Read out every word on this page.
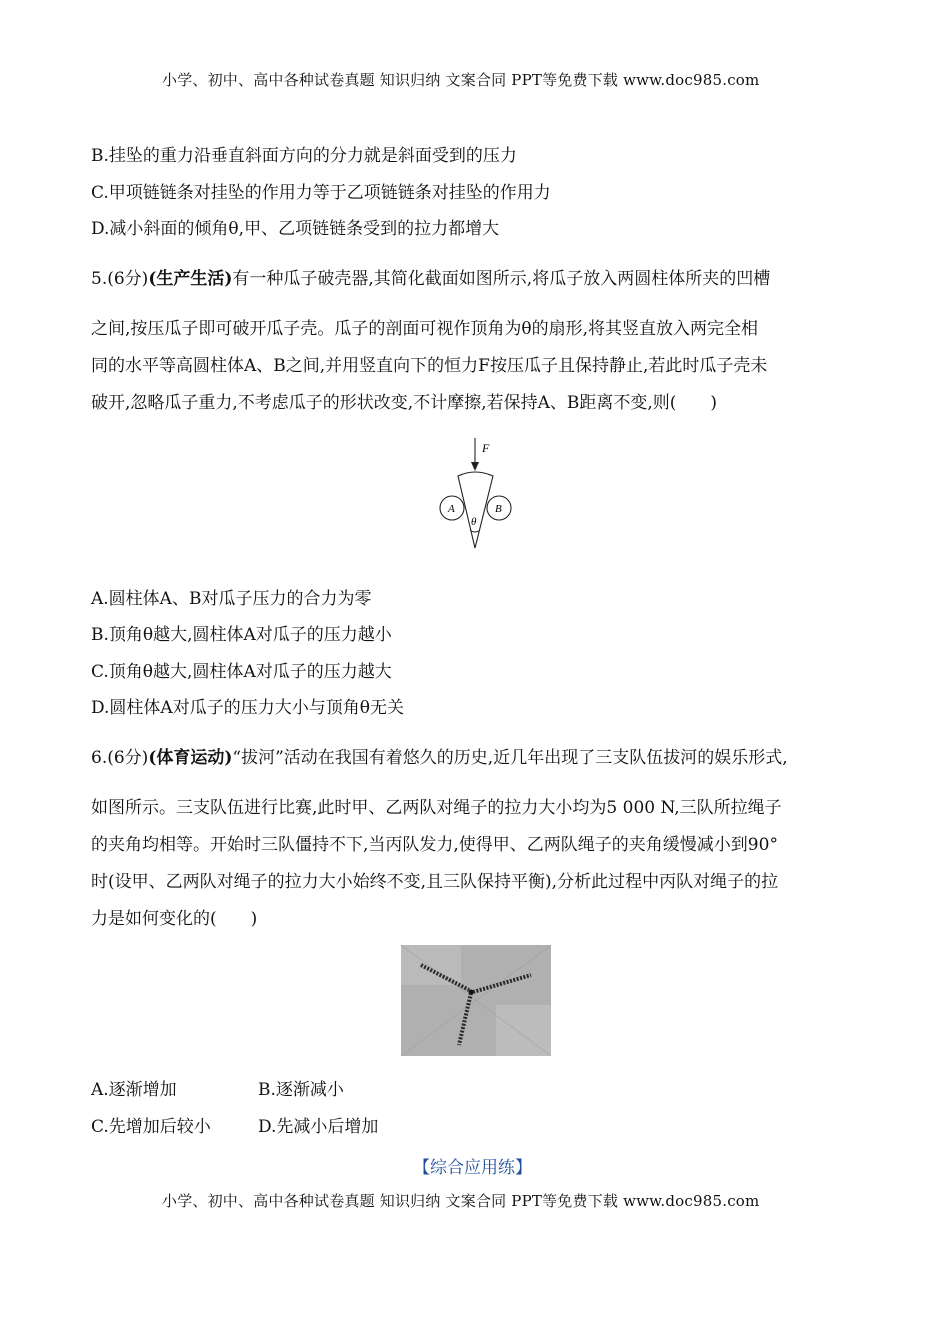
小学、初中、高中各种试卷真题 知识归纳 文案合同 PPT等免费下载 www.doc985.com
B.挂坠的重力沿垂直斜面方向的分力就是斜面受到的压力
C.甲项链链条对挂坠的作用力等于乙项链链条对挂坠的作用力
D.减小斜面的倾角θ,甲、乙项链链条受到的拉力都增大
5.(6分)(生产生活)有一种瓜子破壳器,其简化截面如图所示,将瓜子放入两圆柱体所夹的凹槽
之间,按压瓜子即可破开瓜子壳。瓜子的剖面可视作顶角为θ的扇形,将其竖直放入两完全相
同的水平等高圆柱体A、B之间,并用竖直向下的恒力F按压瓜子且保持静止,若此时瓜子壳未
破开,忽略瓜子重力,不考虑瓜子的形状改变,不计摩擦,若保持A、B距离不变,则(　　)
F
A	B
θ
A.圆柱体A、B对瓜子压力的合力为零
B.顶角θ越大,圆柱体A对瓜子的压力越小
C.顶角θ越大,圆柱体A对瓜子的压力越大
D.圆柱体A对瓜子的压力大小与顶角θ无关
6.(6分)(体育运动)“拔河”活动在我国有着悠久的历史,近几年出现了三支队伍拔河的娱乐形式,
如图所示。三支队伍进行比赛,此时甲、乙两队对绳子的拉力大小均为5 000 N,三队所拉绳子
的夹角均相等。开始时三队僵持不下,当丙队发力,使得甲、乙两队绳子的夹角缓慢减小到90°
时(设甲、乙两队对绳子的拉力大小始终不变,且三队保持平衡),分析此过程中丙队对绳子的拉
力是如何变化的(　　)
A.逐渐增加	B.逐渐减小
C.先增加后较小	D.先减小后增加
【综合应用练】
小学、初中、高中各种试卷真题 知识归纳 文案合同 PPT等免费下载 www.doc985.com
